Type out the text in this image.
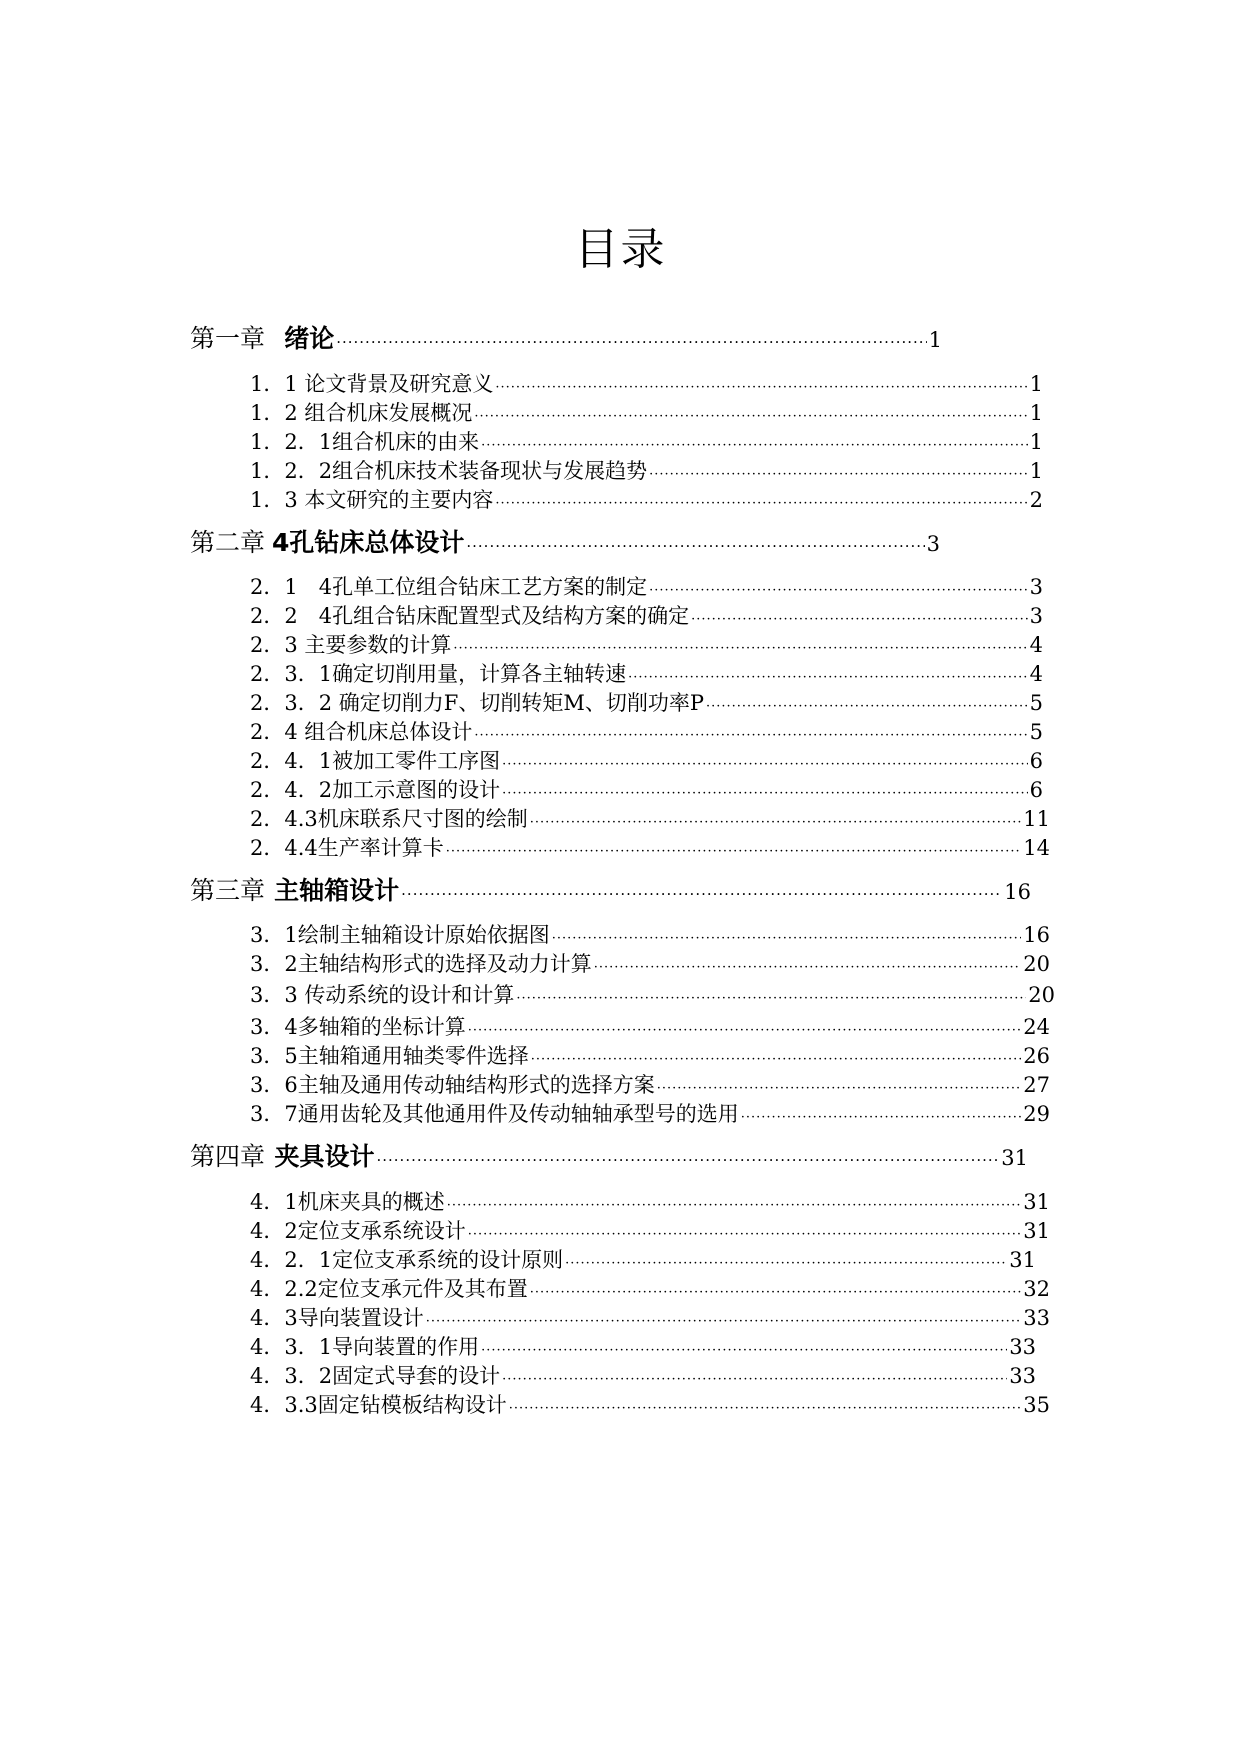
目录
第一章 绪论 ·····	1
1．1 论文背景及研究意义 ·····	1
1．2 组合机床发展概况 ·····	1
1．2．1组合机床的由来 ·····	1
1．2．2组合机床技术装备现状与发展趋势 ·····	1
1．3 本文研究的主要内容 ·····	2
第二章 4孔钻床总体设计 ·····	3
2．1　4孔单工位组合钻床工艺方案的制定 ·····	3
2．2　4孔组合钻床配置型式及结构方案的确定 ·····	3
2．3 主要参数的计算 ·····	4
2．3．1确定切削用量，计算各主轴转速 ·····	4
2．3．2 确定切削力F、切削转矩M、切削功率P ·····	5
2．4 组合机床总体设计 ·····	5
2．4．1被加工零件工序图 ·····	6
2．4．2加工示意图的设计 ·····	6
2．4.3机床联系尺寸图的绘制 ·····	11
2．4.4生产率计算卡 ·····	14
第三章 主轴箱设计 ·····	16
3．1绘制主轴箱设计原始依据图 ·····	16
3．2主轴结构形式的选择及动力计算 ·····	20
3．3 传动系统的设计和计算 ·····	20
3．4多轴箱的坐标计算 ·····	24
3．5主轴箱通用轴类零件选择 ·····	26
3．6主轴及通用传动轴结构形式的选择方案 ·····	27
3．7通用齿轮及其他通用件及传动轴轴承型号的选用 ·····	29
第四章 夹具设计 ·····	31
4．1机床夹具的概述 ·····	31
4．2定位支承系统设计 ·····	31
4．2．1定位支承系统的设计原则 ·····	31
4．2.2定位支承元件及其布置 ·····	32
4．3导向装置设计 ·····	33
4．3．1导向装置的作用 ·····	33
4．3．2固定式导套的设计 ·····	33
4．3.3固定钻模板结构设计 ·····	35
